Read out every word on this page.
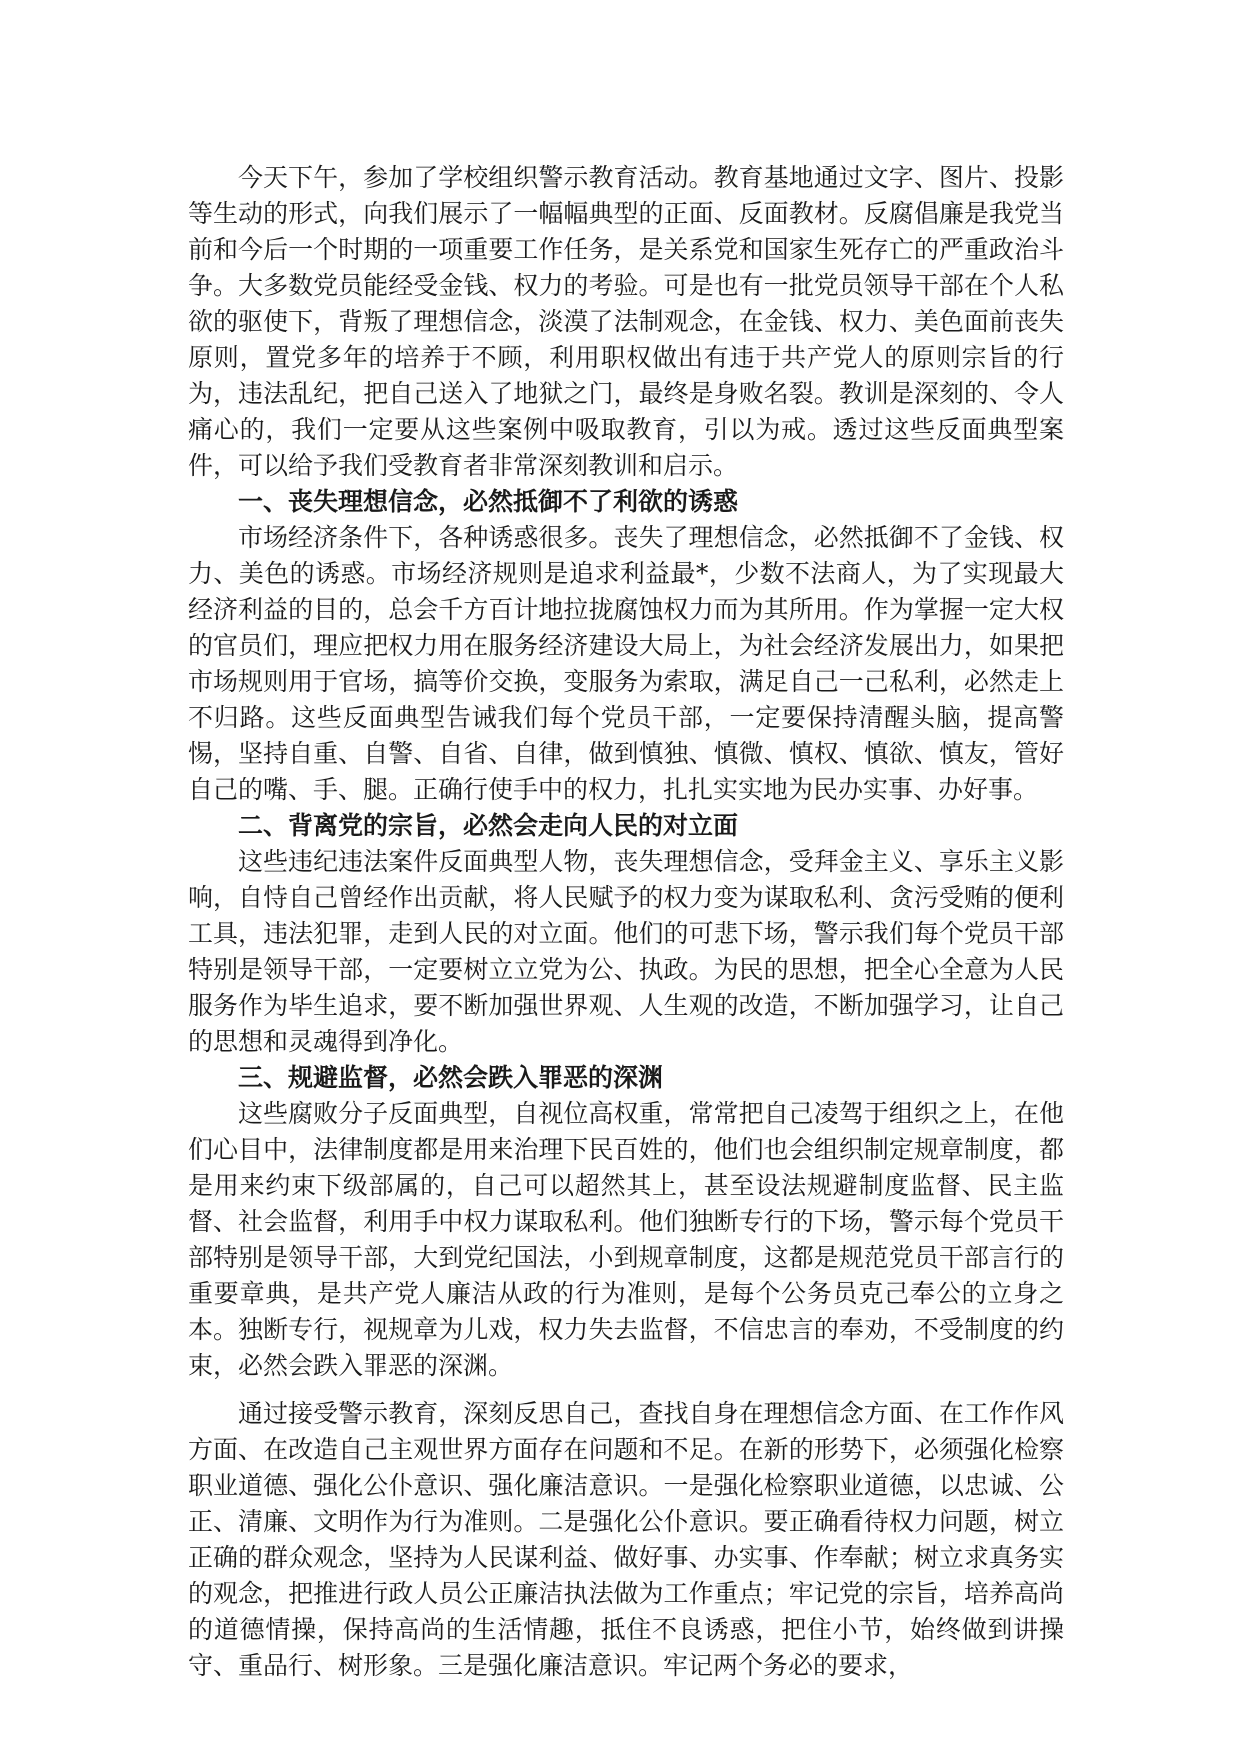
今天下午，参加了学校组织警示教育活动。教育基地通过文字、图片、投影等生动的形式，向我们展示了一幅幅典型的正面、反面教材。反腐倡廉是我党当前和今后一个时期的一项重要工作任务，是关系党和国家生死存亡的严重政治斗争。大多数党员能经受金钱、权力的考验。可是也有一批党员领导干部在个人私欲的驱使下，背叛了理想信念，淡漠了法制观念，在金钱、权力、美色面前丧失原则，置党多年的培养于不顾，利用职权做出有违于共产党人的原则宗旨的行为，违法乱纪，把自己送入了地狱之门，最终是身败名裂。教训是深刻的、令人痛心的，我们一定要从这些案例中吸取教育，引以为戒。透过这些反面典型案件，可以给予我们受教育者非常深刻教训和启示。

一、丧失理想信念，必然抵御不了利欲的诱惑

市场经济条件下，各种诱惑很多。丧失了理想信念，必然抵御不了金钱、权力、美色的诱惑。市场经济规则是追求利益最*，少数不法商人，为了实现最大经济利益的目的，总会千方百计地拉拢腐蚀权力而为其所用。作为掌握一定大权的官员们，理应把权力用在服务经济建设大局上，为社会经济发展出力，如果把市场规则用于官场，搞等价交换，变服务为索取，满足自己一己私利，必然走上不归路。这些反面典型告诫我们每个党员干部，一定要保持清醒头脑，提高警惕，坚持自重、自警、自省、自律，做到慎独、慎微、慎权、慎欲、慎友，管好自己的嘴、手、腿。正确行使手中的权力，扎扎实实地为民办实事、办好事。

二、背离党的宗旨，必然会走向人民的对立面

这些违纪违法案件反面典型人物，丧失理想信念，受拜金主义、享乐主义影响，自恃自己曾经作出贡献，将人民赋予的权力变为谋取私利、贪污受贿的便利工具，违法犯罪，走到人民的对立面。他们的可悲下场，警示我们每个党员干部特别是领导干部，一定要树立立党为公、执政。为民的思想，把全心全意为人民服务作为毕生追求，要不断加强世界观、人生观的改造，不断加强学习，让自己的思想和灵魂得到净化。

三、规避监督，必然会跌入罪恶的深渊

这些腐败分子反面典型，自视位高权重，常常把自己凌驾于组织之上，在他们心目中，法律制度都是用来治理下民百姓的，他们也会组织制定规章制度，都是用来约束下级部属的，自己可以超然其上，甚至设法规避制度监督、民主监督、社会监督，利用手中权力谋取私利。他们独断专行的下场，警示每个党员干部特别是领导干部，大到党纪国法，小到规章制度，这都是规范党员干部言行的重要章典，是共产党人廉洁从政的行为准则，是每个公务员克己奉公的立身之本。独断专行，视规章为儿戏，权力失去监督，不信忠言的奉劝，不受制度的约束，必然会跌入罪恶的深渊。

通过接受警示教育，深刻反思自己，查找自身在理想信念方面、在工作作风方面、在改造自己主观世界方面存在问题和不足。在新的形势下，必须强化检察职业道德、强化公仆意识、强化廉洁意识。一是强化检察职业道德，以忠诚、公正、清廉、文明作为行为准则。二是强化公仆意识。要正确看待权力问题，树立正确的群众观念，坚持为人民谋利益、做好事、办实事、作奉献；树立求真务实的观念，把推进行政人员公正廉洁执法做为工作重点；牢记党的宗旨，培养高尚的道德情操，保持高尚的生活情趣，抵住不良诱惑，把住小节，始终做到讲操守、重品行、树形象。三是强化廉洁意识。牢记两个务必的要求，
